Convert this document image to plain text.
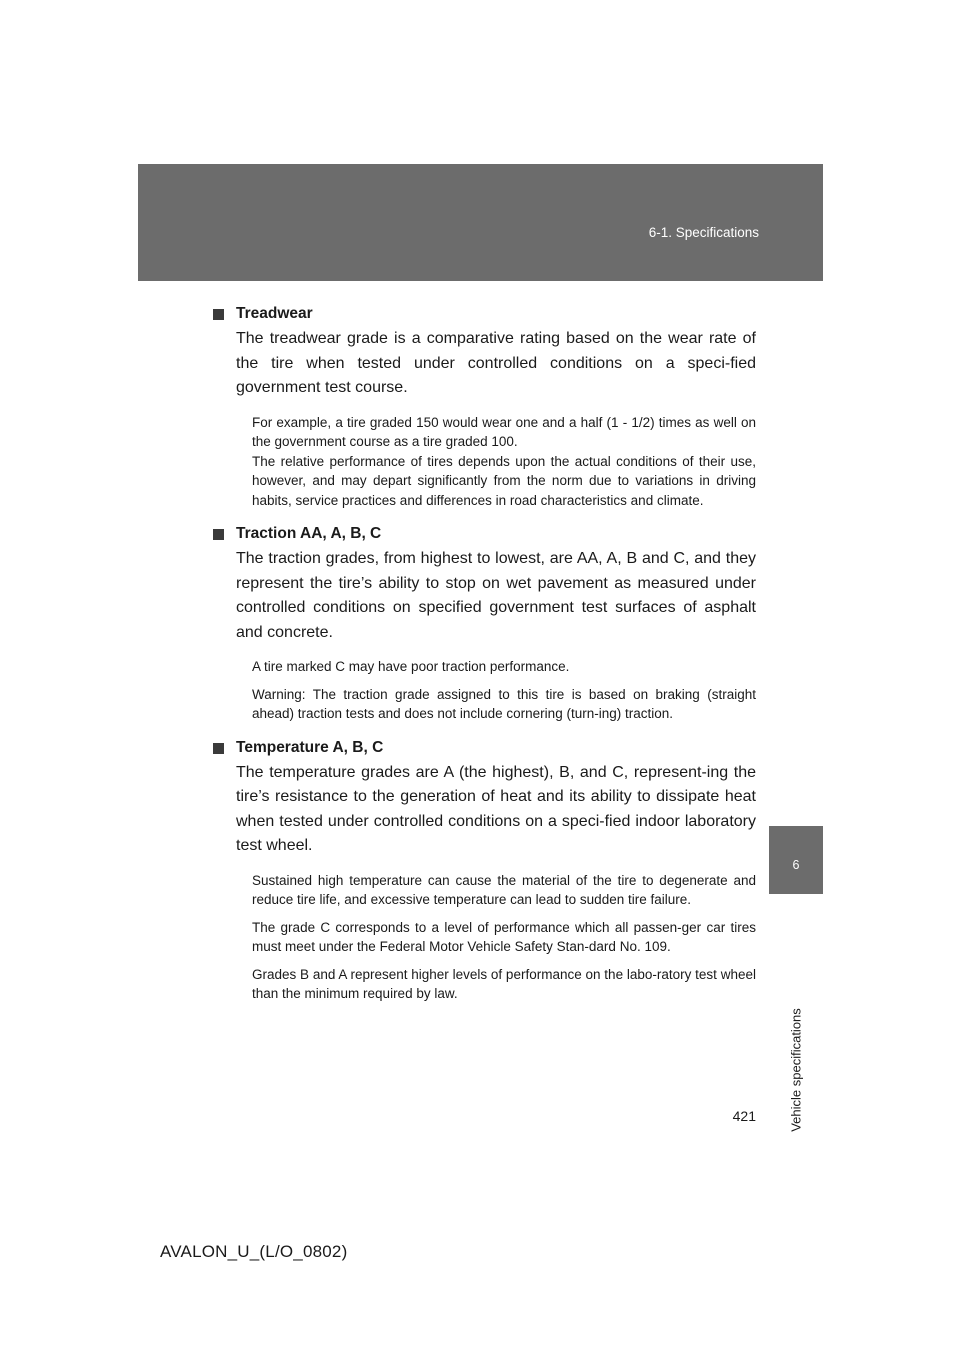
6-1. Specifications
6
Vehicle specifications
Treadwear

The treadwear grade is a comparative rating based on the wear rate of the tire when tested under controlled conditions on a speci-fied government test course.

For example, a tire graded 150 would wear one and a half (1 - 1/2) times as well on the government course as a tire graded 100.

The relative performance of tires depends upon the actual conditions of their use, however, and may depart significantly from the norm due to variations in driving habits, service practices and differences in road characteristics and climate.

Traction AA, A, B, C

The traction grades, from highest to lowest, are AA, A, B and C, and they represent the tire’s ability to stop on wet pavement as measured under controlled conditions on specified government test surfaces of asphalt and concrete.

A tire marked C may have poor traction performance.

Warning: The traction grade assigned to this tire is based on braking (straight ahead) traction tests and does not include cornering (turn-ing) traction.

Temperature A, B, C

The temperature grades are A (the highest), B, and C, represent-ing the tire’s resistance to the generation of heat and its ability to dissipate heat when tested under controlled conditions on a speci-fied indoor laboratory test wheel.

Sustained high temperature can cause the material of the tire to degenerate and reduce tire life, and excessive temperature can lead to sudden tire failure.

The grade C corresponds to a level of performance which all passen-ger car tires must meet under the Federal Motor Vehicle Safety Stan-dard No. 109.

Grades B and A represent higher levels of performance on the labo-ratory test wheel than the minimum required by law.

421
AVALON_U_(L/O_0802)
